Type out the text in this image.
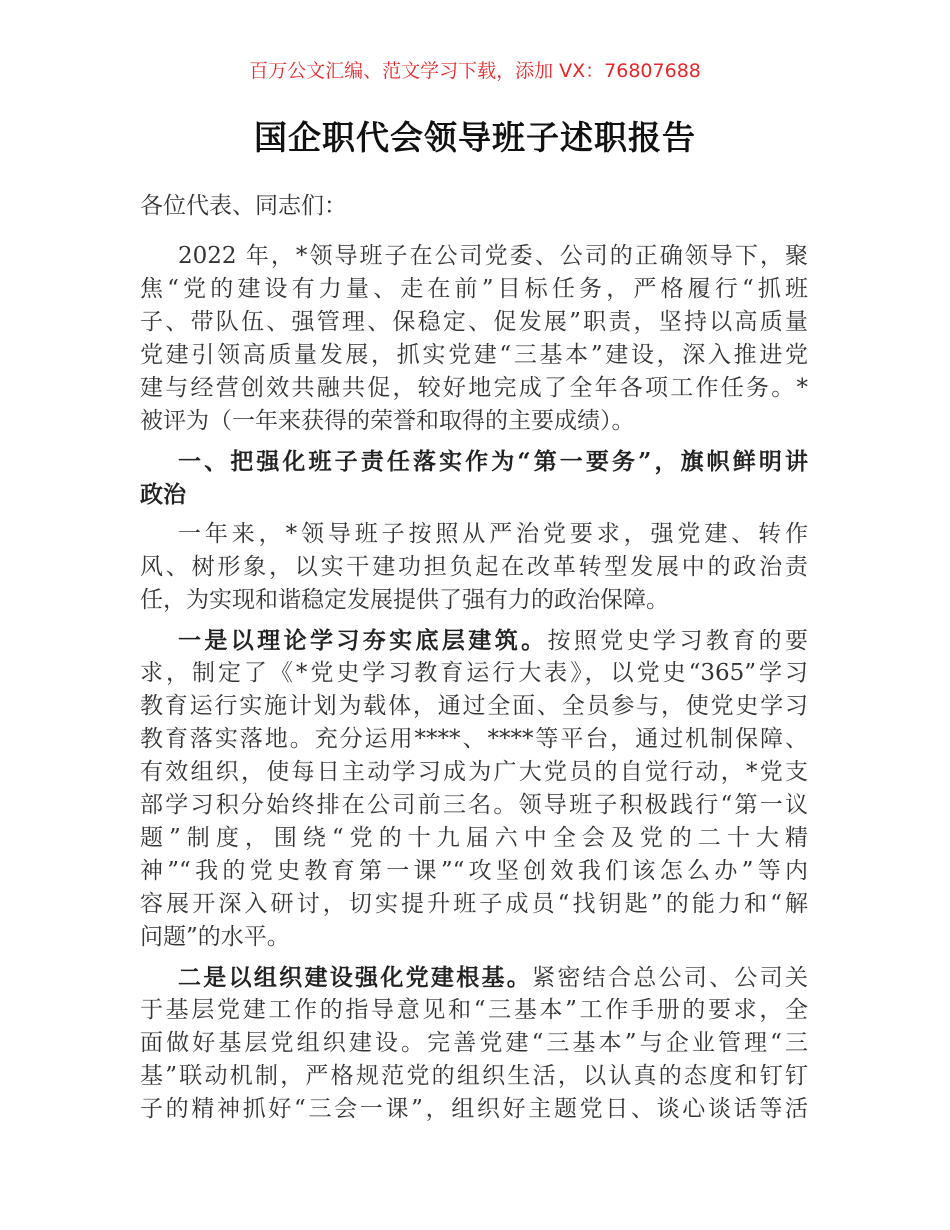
百万公文汇编、范文学习下载，添加 VX：76807688
国企职代会领导班子述职报告
各位代表、同志们：
2022 年，*领导班子在公司党委、公司的正确领导下，聚
焦“党的建设有力量、走在前”目标任务，严格履行“抓班
子、带队伍、强管理、保稳定、促发展”职责，坚持以高质量
党建引领高质量发展，抓实党建“三基本”建设，深入推进党
建与经营创效共融共促，较好地完成了全年各项工作任务。*
被评为（一年来获得的荣誉和取得的主要成绩）。
一、把强化班子责任落实作为“第一要务”，旗帜鲜明讲
政治
一年来，*领导班子按照从严治党要求，强党建、转作
风、树形象，以实干建功担负起在改革转型发展中的政治责
任，为实现和谐稳定发展提供了强有力的政治保障。
一是以理论学习夯实底层建筑。按照党史学习教育的要
求，制定了《*党史学习教育运行大表》，以党史“365”学习
教育运行实施计划为载体，通过全面、全员参与，使党史学习
教育落实落地。充分运用****、****等平台，通过机制保障、
有效组织，使每日主动学习成为广大党员的自觉行动，*党支
部学习积分始终排在公司前三名。领导班子积极践行“第一议
题”制度，围绕“党的十九届六中全会及党的二十大精
神”“我的党史教育第一课”“攻坚创效我们该怎么办”等内
容展开深入研讨，切实提升班子成员“找钥匙”的能力和“解
问题”的水平。
二是以组织建设强化党建根基。紧密结合总公司、公司关
于基层党建工作的指导意见和“三基本”工作手册的要求，全
面做好基层党组织建设。完善党建“三基本”与企业管理“三
基”联动机制，严格规范党的组织生活，以认真的态度和钉钉
子的精神抓好“三会一课”，组织好主题党日、谈心谈话等活
